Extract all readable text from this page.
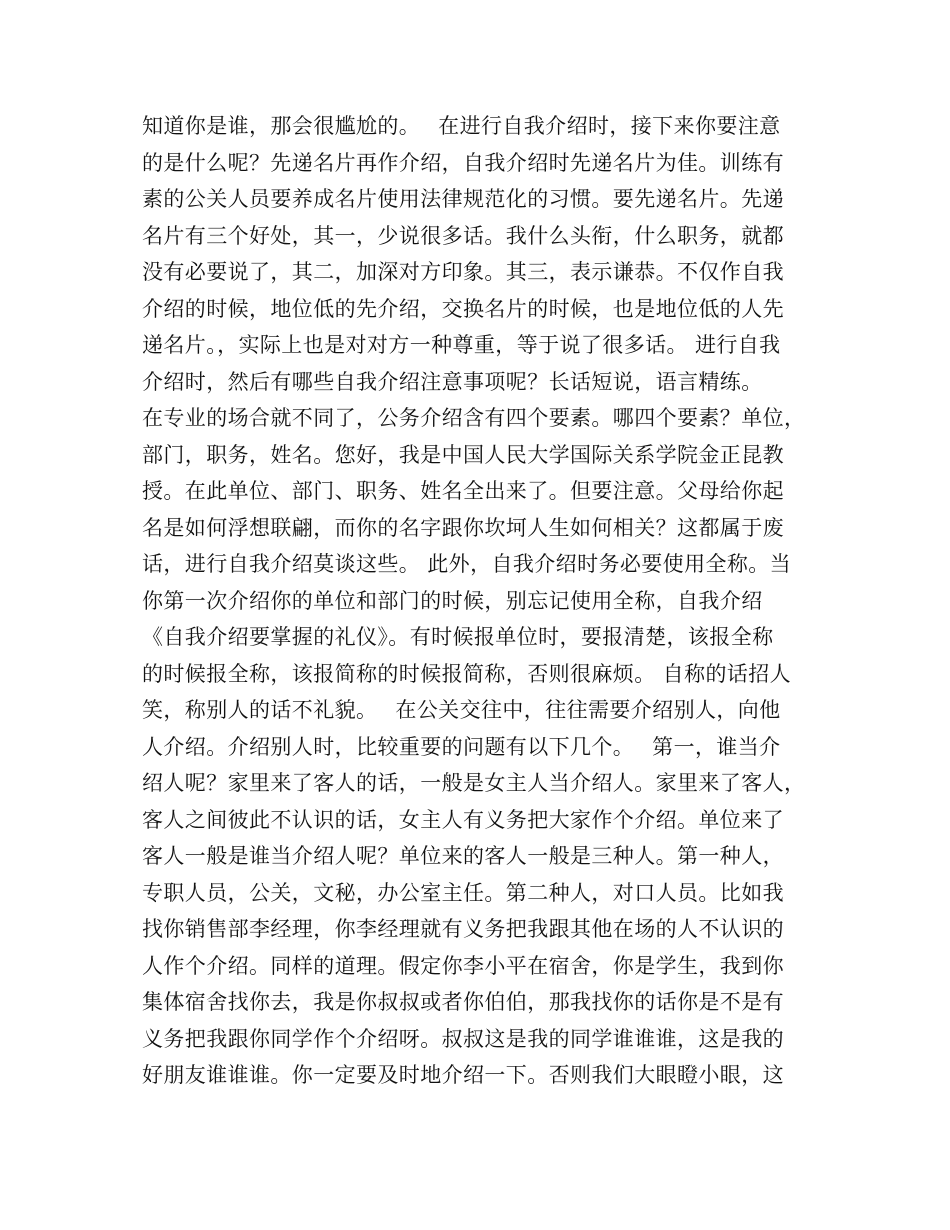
知道你是谁，那会很尴尬的。　 在进行自我介绍时，接下来你要注意
的是什么呢？先递名片再作介绍，自我介绍时先递名片为佳。训练有
素的公关人员要养成名片使用法律规范化的习惯。要先递名片。先递
名片有三个好处，其一，少说很多话。我什么头衔，什么职务，就都
没有必要说了，其二，加深对方印象。其三，表示谦恭。不仅作自我
介绍的时候，地位低的先介绍，交换名片的时候，也是地位低的人先
递名片。，实际上也是对对方一种尊重，等于说了很多话。 进行自我
介绍时，然后有哪些自我介绍注意事项呢？长话短说，语言精练。
在专业的场合就不同了，公务介绍含有四个要素。哪四个要素？单位，
部门，职务，姓名。您好，我是中国人民大学国际关系学院金正昆教
授。在此单位、部门、职务、姓名全出来了。但要注意。父母给你起
名是如何浮想联翩，而你的名字跟你坎坷人生如何相关？这都属于废
话，进行自我介绍莫谈这些。 此外，自我介绍时务必要使用全称。当
你第一次介绍你的单位和部门的时候，别忘记使用全称，自我介绍
《自我介绍要掌握的礼仪》。有时候报单位时，要报清楚，该报全称
的时候报全称，该报简称的时候报简称，否则很麻烦。 自称的话招人
笑，称别人的话不礼貌。　 在公关交往中，往往需要介绍别人，向他
人介绍。介绍别人时，比较重要的问题有以下几个。　 第一，谁当介
绍人呢？家里来了客人的话，一般是女主人当介绍人。家里来了客人，
客人之间彼此不认识的话，女主人有义务把大家作个介绍。单位来了
客人一般是谁当介绍人呢？单位来的客人一般是三种人。第一种人，
专职人员，公关，文秘，办公室主任。第二种人，对口人员。比如我
找你销售部李经理，你李经理就有义务把我跟其他在场的人不认识的
人作个介绍。同样的道理。假定你李小平在宿舍，你是学生，我到你
集体宿舍找你去，我是你叔叔或者你伯伯，那我找你的话你是不是有
义务把我跟你同学作个介绍呀。叔叔这是我的同学谁谁谁，这是我的
好朋友谁谁谁。你一定要及时地介绍一下。否则我们大眼瞪小眼，这
